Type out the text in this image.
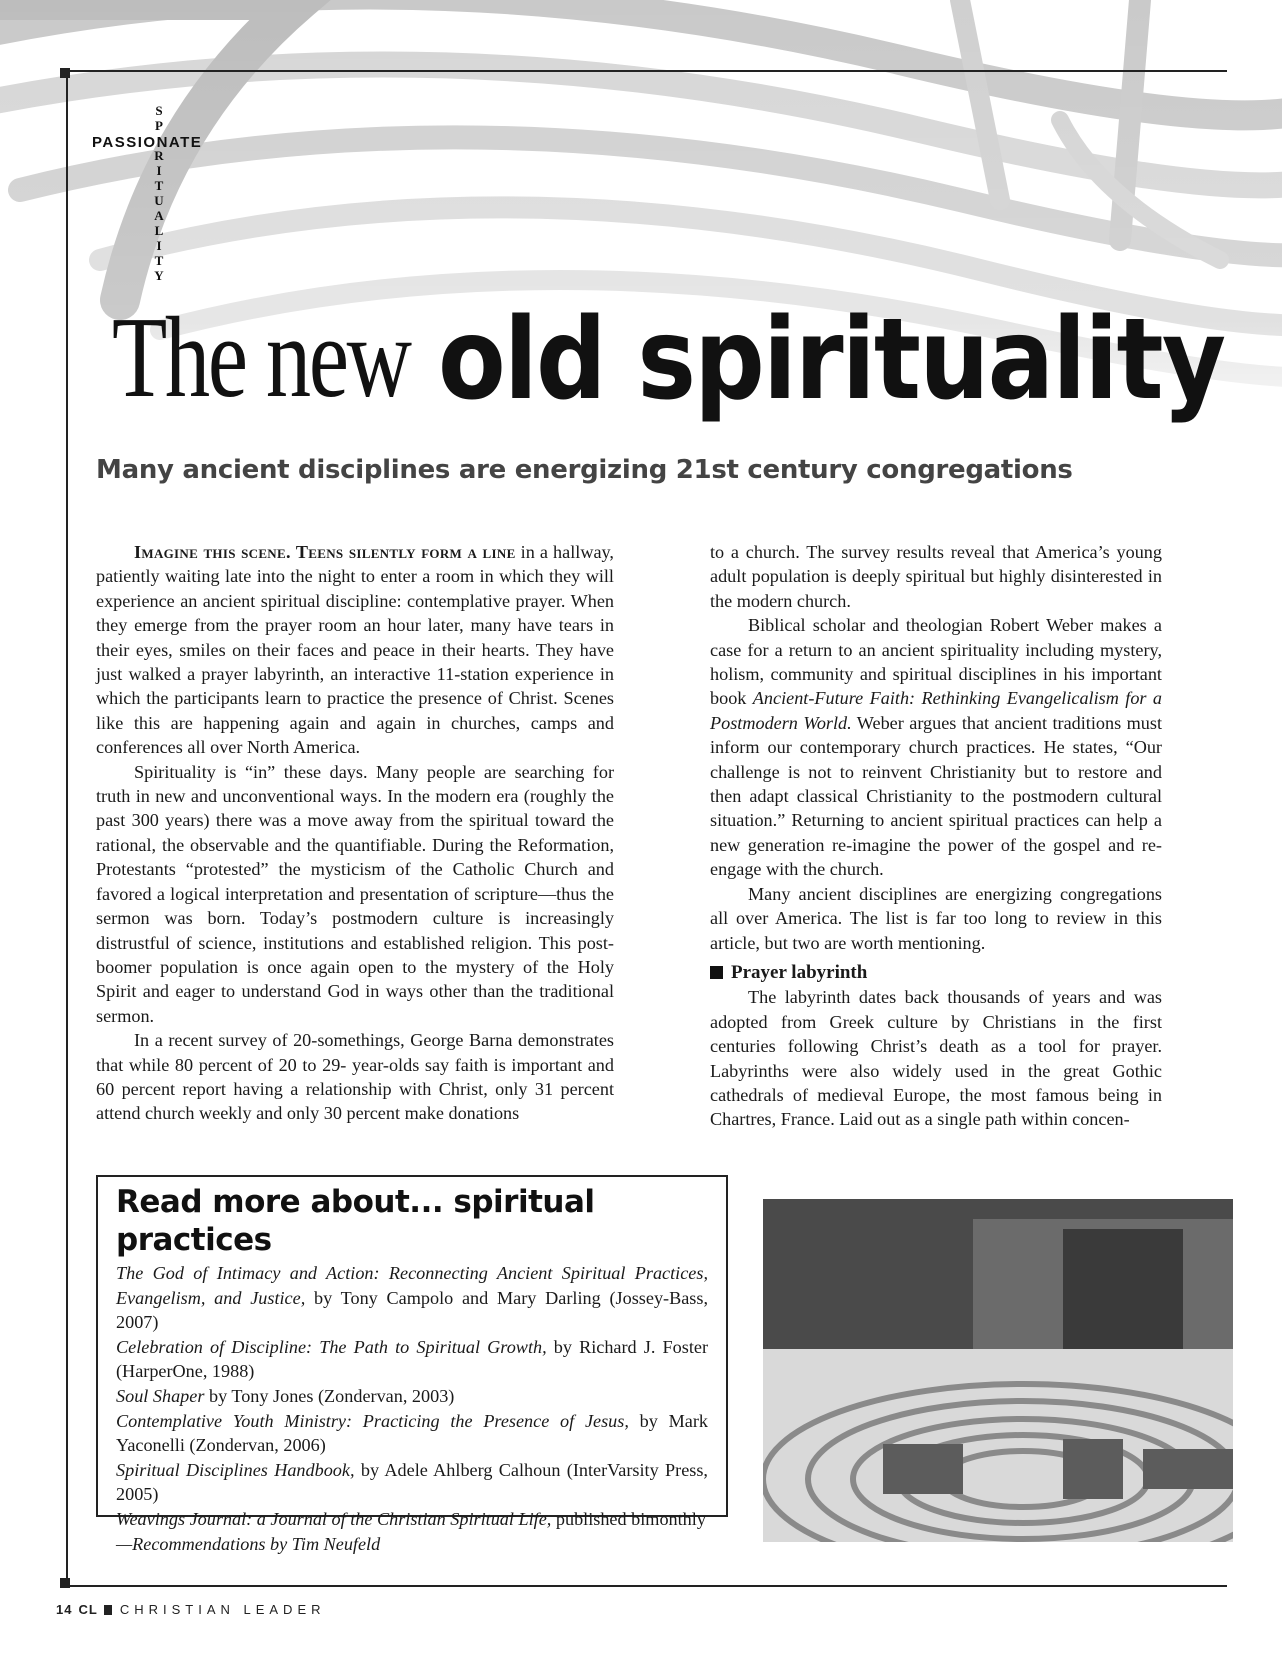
PASSIONATE
S
P

R
I
T
U
A
L
I
T
Y
The new old spirituality
Many ancient disciplines are energizing 21st century congregations

Imagine this scene. Teens silently form a line in a hallway, patiently waiting late into the night to enter a room in which they will experience an ancient spiritual discipline: contemplative prayer. When they emerge from the prayer room an hour later, many have tears in their eyes, smiles on their faces and peace in their hearts. They have just walked a prayer labyrinth, an interactive 11-station experience in which the participants learn to practice the presence of Christ. Scenes like this are happening again and again in churches, camps and conferences all over North America.

Spirituality is “in” these days. Many people are searching for truth in new and unconventional ways. In the modern era (roughly the past 300 years) there was a move away from the spiritual toward the rational, the observable and the quantifiable. During the Reformation, Protestants “protested” the mysticism of the Catholic Church and favored a logical interpretation and presentation of scripture—thus the sermon was born. Today’s postmodern culture is increasingly distrustful of science, institutions and established religion. This post-boomer population is once again open to the mystery of the Holy Spirit and eager to understand God in ways other than the traditional sermon.

In a recent survey of 20-somethings, George Barna demonstrates that while 80 percent of 20 to 29- year-olds say faith is important and 60 percent report having a relationship with Christ, only 31 percent attend church weekly and only 30 percent make donations

to a church. The survey results reveal that America’s young adult population is deeply spiritual but highly disinterested in the modern church.

Biblical scholar and theologian Robert Weber makes a case for a return to an ancient spirituality including mystery, holism, community and spiritual disciplines in his important book Ancient-Future Faith: Rethinking Evangelicalism for a Postmodern World. Weber argues that ancient traditions must inform our contemporary church practices. He states, “Our challenge is not to reinvent Christianity but to restore and then adapt classical Christianity to the postmodern cultural situation.” Returning to ancient spiritual practices can help a new generation re-imagine the power of the gospel and re-engage with the church.

Many ancient disciplines are energizing congregations all over America. The list is far too long to review in this article, but two are worth mentioning.

Prayer labyrinth

The labyrinth dates back thousands of years and was adopted from Greek culture by Christians in the first centuries following Christ’s death as a tool for prayer. Labyrinths were also widely used in the great Gothic cathedrals of medieval Europe, the most famous being in Chartres, France. Laid out as a single path within concen-

Read more about... spiritual practices
The God of Intimacy and Action: Reconnecting Ancient Spiritual Practices, Evangelism, and Justice, by Tony Campolo and Mary Darling (Jossey-Bass, 2007)
Celebration of Discipline: The Path to Spiritual Growth, by Richard J. Foster (HarperOne, 1988)
Soul Shaper by Tony Jones (Zondervan, 2003)
Contemplative Youth Ministry: Practicing the Presence of Jesus, by Mark Yaconelli (Zondervan, 2006)
Spiritual Disciplines Handbook, by Adele Ahlberg Calhoun (InterVarsity Press, 2005)
Weavings Journal: a Journal of the Christian Spiritual Life, published bimonthly
—Recommendations by Tim Neufeld
14 CL CHRISTIAN LEADER
